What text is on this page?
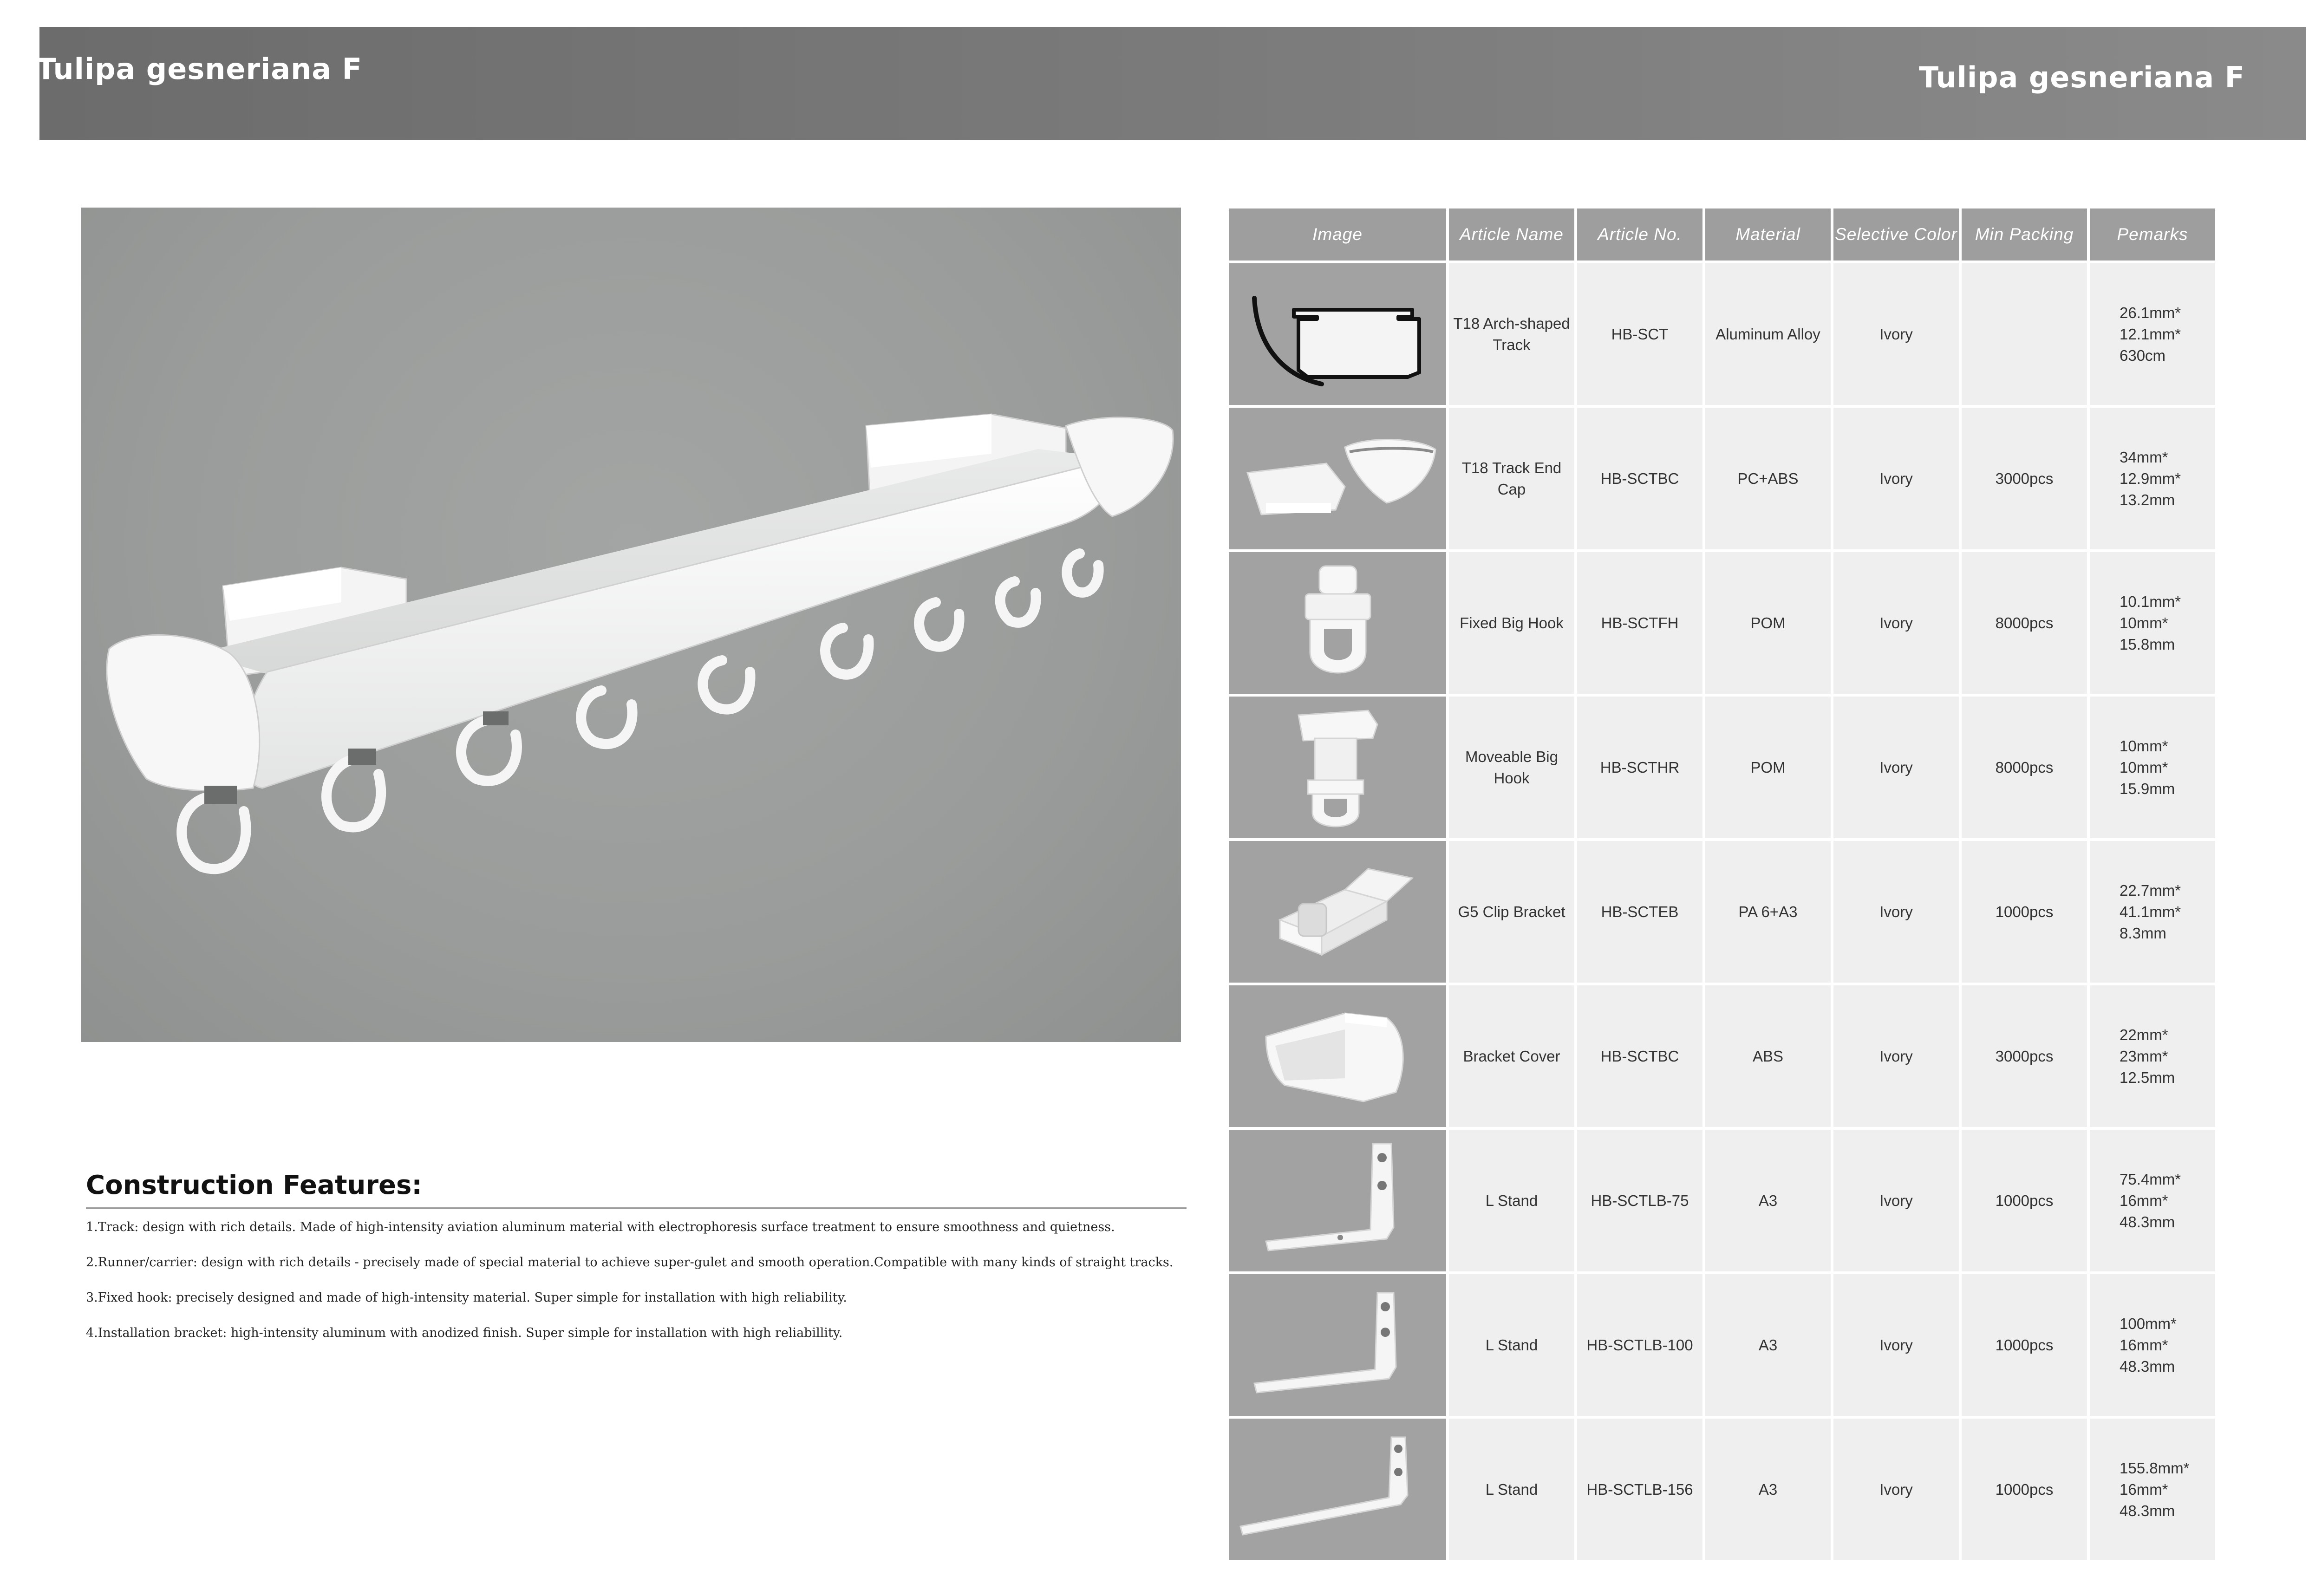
Tulipa gesneriana F	Tulipa gesneriana F
Construction Features:
1.Track: design with rich details. Made of high-intensity aviation aluminum material with electrophoresis surface treatment to ensure smoothness and quietness.
2.Runner/carrier: design with rich details - precisely made of special material to achieve super-gulet and smooth operation.Compatible with many kinds of straight tracks.
3.Fixed hook: precisely designed and made of high-intensity material. Super simple for installation with high reliability.
4.Installation bracket: high-intensity aluminum with anodized finish. Super simple for installation with high reliabillity.
Image	Article Name	Article No.	Material	Selective Color	Min Packing	Pemarks

	T18 Arch-shaped Track	HB-SCT	Aluminum Alloy	Ivory		26.1mm*
12.1mm*
630cm

	T18 Track End Cap	HB-SCTBC	PC+ABS	Ivory	3000pcs	34mm*
12.9mm*
13.2mm

	Fixed Big Hook	HB-SCTFH	POM	Ivory	8000pcs	10.1mm*
10mm*
15.8mm

	Moveable Big Hook	HB-SCTHR	POM	Ivory	8000pcs	10mm*
10mm*
15.9mm

	G5 Clip Bracket	HB-SCTEB	PA 6+A3	Ivory	1000pcs	22.7mm*
41.1mm*
8.3mm

	Bracket Cover	HB-SCTBC	ABS	Ivory	3000pcs	22mm*
23mm*
12.5mm

	L Stand	HB-SCTLB-75	A3	Ivory	1000pcs	75.4mm*
16mm*
48.3mm

	L Stand	HB-SCTLB-100	A3	Ivory	1000pcs	100mm*
16mm*
48.3mm

	L Stand	HB-SCTLB-156	A3	Ivory	1000pcs	155.8mm*
16mm*
48.3mm
